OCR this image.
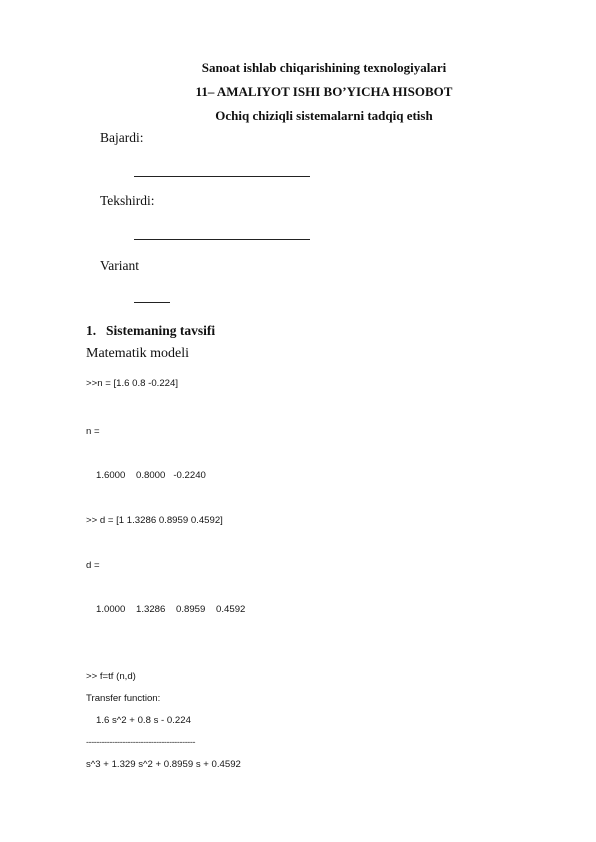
Sanoat ishlab chiqarishining texnologiyalari
11– AMALIYOT ISHI BO’YICHA HISOBOT
Ochiq chiziqli sistemalarni tadqiq etish
Bajardi:
Tekshirdi:
Variant
1. Sistemaning tavsifi
Matematik modeli
>>n = [1.6 0.8 -0.224]
n =
1.6000    0.8000   -0.2240
>> d = [1 1.3286 0.8959 0.4592]
d =
1.0000    1.3286    0.8959    0.4592
>> f=tf (n,d)
Transfer function:
1.6 s^2 + 0.8 s - 0.224
------------------------------------------
s^3 + 1.329 s^2 + 0.8959 s + 0.4592
